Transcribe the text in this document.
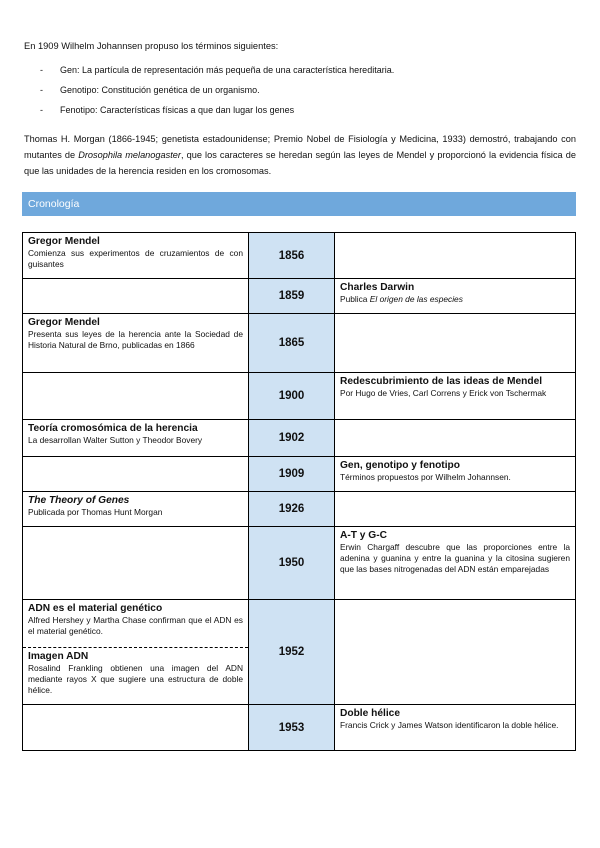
En 1909 Wilhelm Johannsen propuso los términos siguientes:
- Gen: La partícula de representación más pequeña de una característica hereditaria.
- Genotipo: Constitución genética de un organismo.
- Fenotipo: Características físicas a que dan lugar los genes
Thomas H. Morgan (1866-1945; genetista estadounidense; Premio Nobel de Fisiología y Medicina, 1933) demostró, trabajando con mutantes de Drosophila melanogaster, que los caracteres se heredan según las leyes de Mendel y proporcionó la evidencia física de que las unidades de la herencia residen en los cromosomas.
Cronología
1856
1859
1865
1900
1902
1909
1926
1950
1952
1953
Gregor Mendel
Comienza sus experimentos de cruzamientos de con guisantes
Gregor Mendel
Presenta sus leyes de la herencia ante la Sociedad de Historia Natural de Brno, publicadas en 1866
Teoría cromosómica de la herencia
La desarrollan Walter Sutton y Theodor Bovery
The Theory of Genes
Publicada por Thomas Hunt Morgan
ADN es el material genético
Alfred Hershey y Martha Chase confirman que el ADN es el material genético.
Imagen ADN
Rosalind Frankling obtienen una imagen del ADN mediante rayos X que sugiere una estructura de doble hélice.
Charles Darwin
Publica El origen de las especies
Redescubrimiento de las ideas de Mendel
Por Hugo de Vries, Carl Correns y Erick von Tschermak
Gen, genotipo y fenotipo
Términos propuestos por Wilhelm Johannsen.
A-T y G-C
Erwin Chargaff descubre que las proporciones entre la adenina y guanina y entre la guanina y la citosina sugieren que las bases nitrogenadas del ADN están emparejadas
Doble hélice
Francis Crick y James Watson identificaron la doble hélice.
